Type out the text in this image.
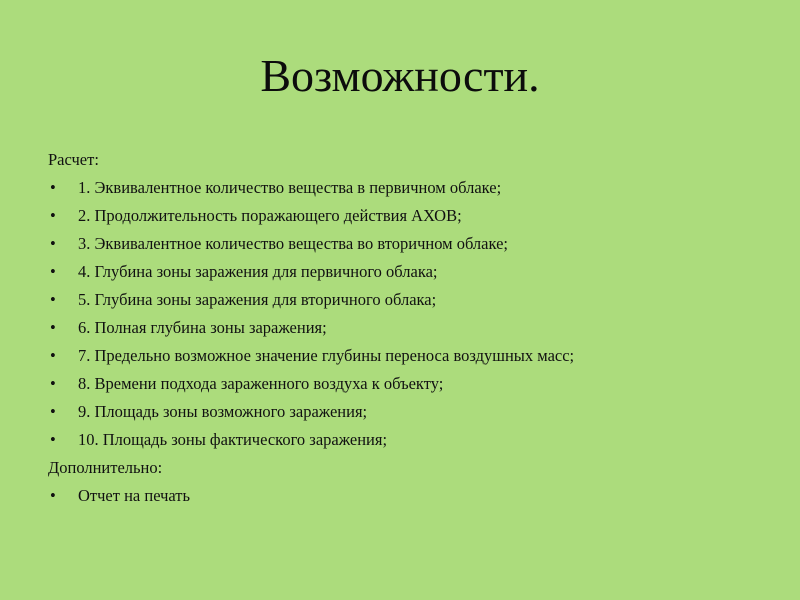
Возможности.

Расчет:

• 1. Эквивалентное количество вещества в первичном облаке;
• 2. Продолжительность поражающего действия АХОВ;
• 3. Эквивалентное количество вещества во вторичном облаке;
• 4. Глубина зоны заражения для первичного облака;
• 5. Глубина зоны заражения для вторичного облака;
• 6. Полная глубина зоны заражения;
• 7. Предельно возможное значение глубины переноса воздушных масс;
• 8. Времени подхода зараженного воздуха к объекту;
• 9. Площадь зоны возможного заражения;
• 10. Площадь зоны фактического заражения;

Дополнительно:

• Отчет на печать
